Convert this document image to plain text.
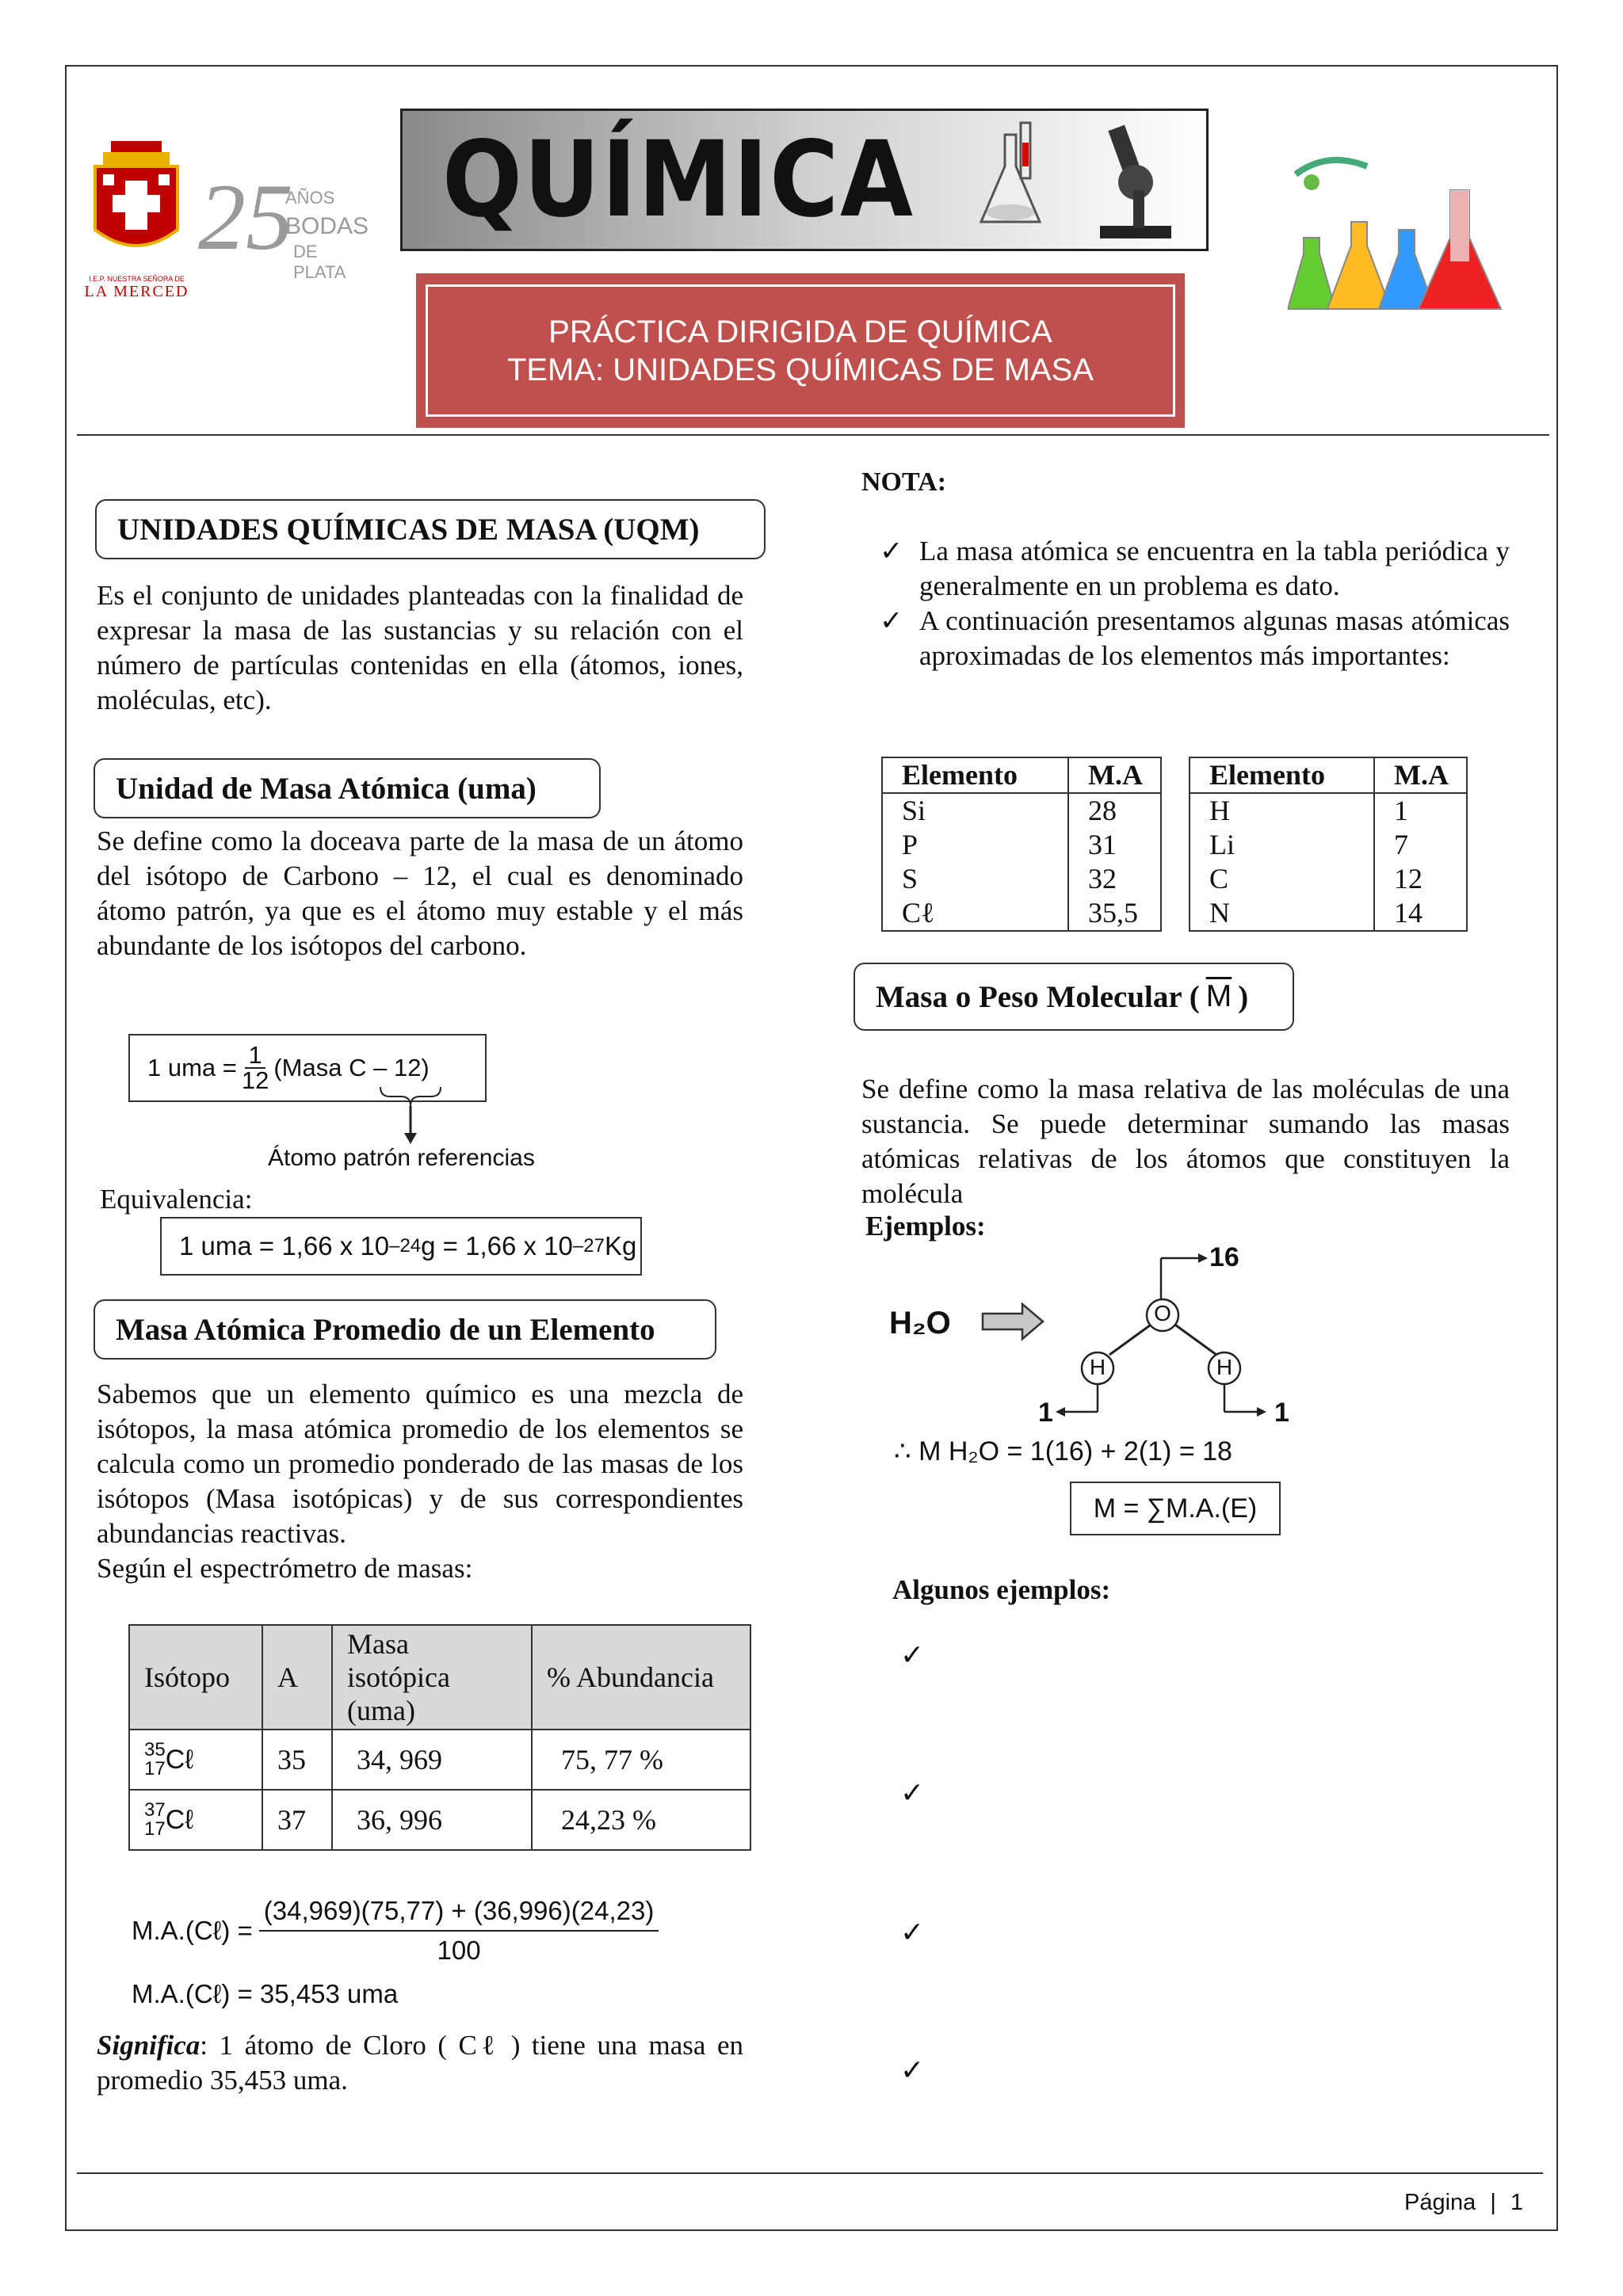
I.E.P. NUESTRA SEÑORA DE
LA MERCED
25
AÑOS
BODAS
DE PLATA
QUÍMICA
PRÁCTICA DIRIGIDA DE QUÍMICA
TEMA: UNIDADES QUÍMICAS DE MASA
UNIDADES QUÍMICAS DE MASA (UQM)
Es el conjunto de unidades planteadas con la finalidad de expresar la masa de las sustancias y su relación con el número de partículas contenidas en ella (átomos, iones, moléculas, etc).
Unidad de Masa Atómica (uma)
Se define como la doceava parte de la masa de un átomo del isótopo de Carbono – 12, el cual es denominado átomo patrón, ya que es el átomo muy estable y el más abundante de los isótopos del carbono.
1 uma = $\frac{1}{12}$ (Masa C – 12)
Átomo patrón referencias
Equivalencia:
1 uma = 1,66 x 10 –24 g = 1,66 x 10 –27 Kg
Masa Atómica Promedio de un Elemento
Sabemos que un elemento químico es una mezcla de isótopos, la masa atómica promedio de los elementos se calcula como un promedio ponderado de las masas de los isótopos (Masa isotópicas) y de sus correspondientes abundancias reactivas.
Según el espectrómetro de masas:
Isótopo	A	Masa isotópica (uma)	% Abundancia

35
17 Cℓ	35	34, 969	75, 77 %

37
17 Cℓ	37	36, 996	24,23 %
M.A.(Cℓ) = $\frac{(34,969)(75,77) + (36,996)(24,23)}{100}$
M.A.(Cℓ) = 35,453 uma
Significa: 1 átomo de Cloro ( Cℓ ) tiene una masa en promedio 35,453 uma.
NOTA:
✓ La masa atómica se encuentra en la tabla periódica y generalmente en un problema es dato.
✓ A continuación presentamos algunas masas atómicas aproximadas de los elementos más importantes:
Elemento	M.A
Si	28
P	31
S	32
Cℓ	35,5
Elemento	M.A
H	1
Li	7
C	12
N	14
Masa o Peso Molecular ( $\overline{M}$ )
Se define como la masa relativa de las moléculas de una sustancia. Se puede determinar sumando las masas atómicas relativas de los átomos que constituyen la molécula
Ejemplos:
H₂O	O
H	H
16
1	1
∴ M H₂O = 1(16) + 2(1) = 18
M = ∑M.A.(E)
Algunos ejemplos:
✓
✓
✓
✓
Página | 1
